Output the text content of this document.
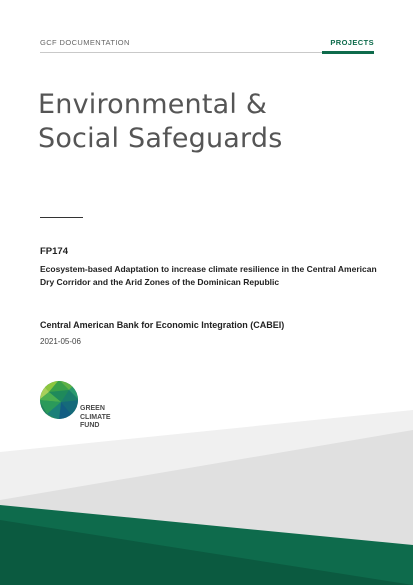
GCF DOCUMENTATION	PROJECTS
Environmental &
Social Safeguards
FP174
Ecosystem-based Adaptation to increase climate resilience in the Central American Dry Corridor and the Arid Zones of the Dominican Republic
Central American Bank for Economic Integration (CABEI)
2021-05-06
GREEN
CLIMATE
FUND
